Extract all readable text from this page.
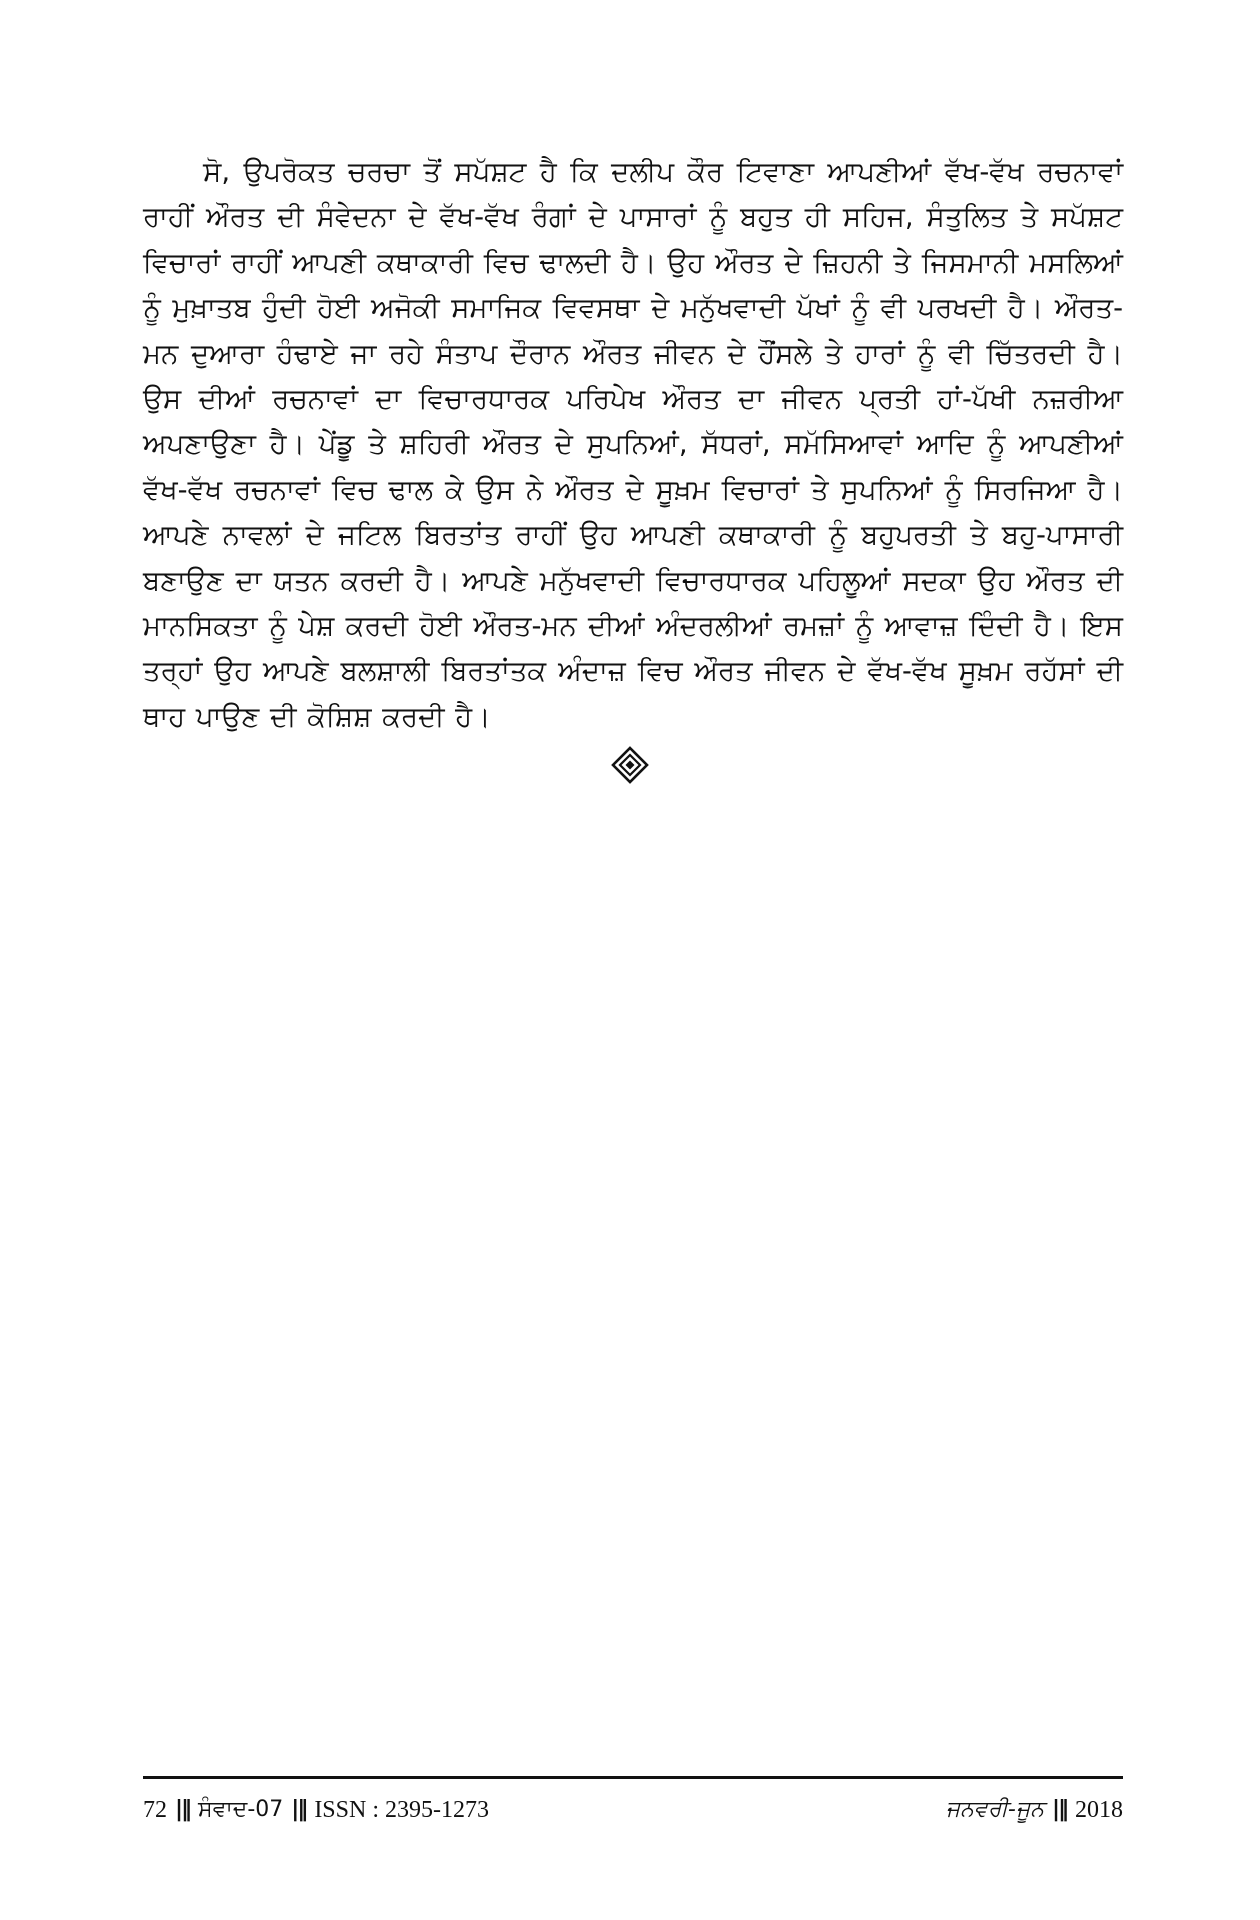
ਸੋ, ਉਪਰੋਕਤ ਚਰਚਾ ਤੋਂ ਸਪੱਸ਼ਟ ਹੈ ਕਿ ਦਲੀਪ ਕੌਰ ਟਿਵਾਣਾ ਆਪਣੀਆਂ ਵੱਖ-ਵੱਖ ਰਚਨਾਵਾਂ ਰਾਹੀਂ ਔਰਤ ਦੀ ਸੰਵੇਦਨਾ ਦੇ ਵੱਖ-ਵੱਖ ਰੰਗਾਂ ਦੇ ਪਾਸਾਰਾਂ ਨੂੰ ਬਹੁਤ ਹੀ ਸਹਿਜ, ਸੰਤੁਲਿਤ ਤੇ ਸਪੱਸ਼ਟ ਵਿਚਾਰਾਂ ਰਾਹੀਂ ਆਪਣੀ ਕਥਾਕਾਰੀ ਵਿਚ ਢਾਲਦੀ ਹੈ। ਉਹ ਔਰਤ ਦੇ ਜ਼ਿਹਨੀ ਤੇ ਜਿਸਮਾਨੀ ਮਸਲਿਆਂ ਨੂੰ ਮੁਖ਼ਾਤਬ ਹੁੰਦੀ ਹੋਈ ਅਜੋਕੀ ਸਮਾਜਿਕ ਵਿਵਸਥਾ ਦੇ ਮਨੁੱਖਵਾਦੀ ਪੱਖਾਂ ਨੂੰ ਵੀ ਪਰਖਦੀ ਹੈ। ਔਰਤ-ਮਨ ਦੁਆਰਾ ਹੰਢਾਏ ਜਾ ਰਹੇ ਸੰਤਾਪ ਦੌਰਾਨ ਔਰਤ ਜੀਵਨ ਦੇ ਹੌਂਸਲੇ ਤੇ ਹਾਰਾਂ ਨੂੰ ਵੀ ਚਿੱਤਰਦੀ ਹੈ। ਉਸ ਦੀਆਂ ਰਚਨਾਵਾਂ ਦਾ ਵਿਚਾਰਧਾਰਕ ਪਰਿਪੇਖ ਔਰਤ ਦਾ ਜੀਵਨ ਪ੍ਰਤੀ ਹਾਂ-ਪੱਖੀ ਨਜ਼ਰੀਆ ਅਪਣਾਉਣਾ ਹੈ। ਪੇਂਡੂ ਤੇ ਸ਼ਹਿਰੀ ਔਰਤ ਦੇ ਸੁਪਨਿਆਂ, ਸੱਧਰਾਂ, ਸਮੱਸਿਆਵਾਂ ਆਦਿ ਨੂੰ ਆਪਣੀਆਂ ਵੱਖ-ਵੱਖ ਰਚਨਾਵਾਂ ਵਿਚ ਢਾਲ ਕੇ ਉਸ ਨੇ ਔਰਤ ਦੇ ਸੂਖ਼ਮ ਵਿਚਾਰਾਂ ਤੇ ਸੁਪਨਿਆਂ ਨੂੰ ਸਿਰਜਿਆ ਹੈ। ਆਪਣੇ ਨਾਵਲਾਂ ਦੇ ਜਟਿਲ ਬਿਰਤਾਂਤ ਰਾਹੀਂ ਉਹ ਆਪਣੀ ਕਥਾਕਾਰੀ ਨੂੰ ਬਹੁਪਰਤੀ ਤੇ ਬਹੁ-ਪਾਸਾਰੀ ਬਣਾਉਣ ਦਾ ਯਤਨ ਕਰਦੀ ਹੈ। ਆਪਣੇ ਮਨੁੱਖਵਾਦੀ ਵਿਚਾਰਧਾਰਕ ਪਹਿਲੂਆਂ ਸਦਕਾ ਉਹ ਔਰਤ ਦੀ ਮਾਨਸਿਕਤਾ ਨੂੰ ਪੇਸ਼ ਕਰਦੀ ਹੋਈ ਔਰਤ-ਮਨ ਦੀਆਂ ਅੰਦਰਲੀਆਂ ਰਮਜ਼ਾਂ ਨੂੰ ਆਵਾਜ਼ ਦਿੰਦੀ ਹੈ। ਇਸ ਤਰ੍ਹਾਂ ਉਹ ਆਪਣੇ ਬਲਸ਼ਾਲੀ ਬਿਰਤਾਂਤਕ ਅੰਦਾਜ਼ ਵਿਚ ਔਰਤ ਜੀਵਨ ਦੇ ਵੱਖ-ਵੱਖ ਸੂਖ਼ਮ ਰਹੱਸਾਂ ਦੀ ਥਾਹ ਪਾਉਣ ਦੀ ਕੋਸ਼ਿਸ਼ ਕਰਦੀ ਹੈ।

72 |‖ ਸੰਵਾਦ-07 |‖ ISSN : 2395-1273	ਜਨਵਰੀ-ਜੂਨ |‖ 2018
